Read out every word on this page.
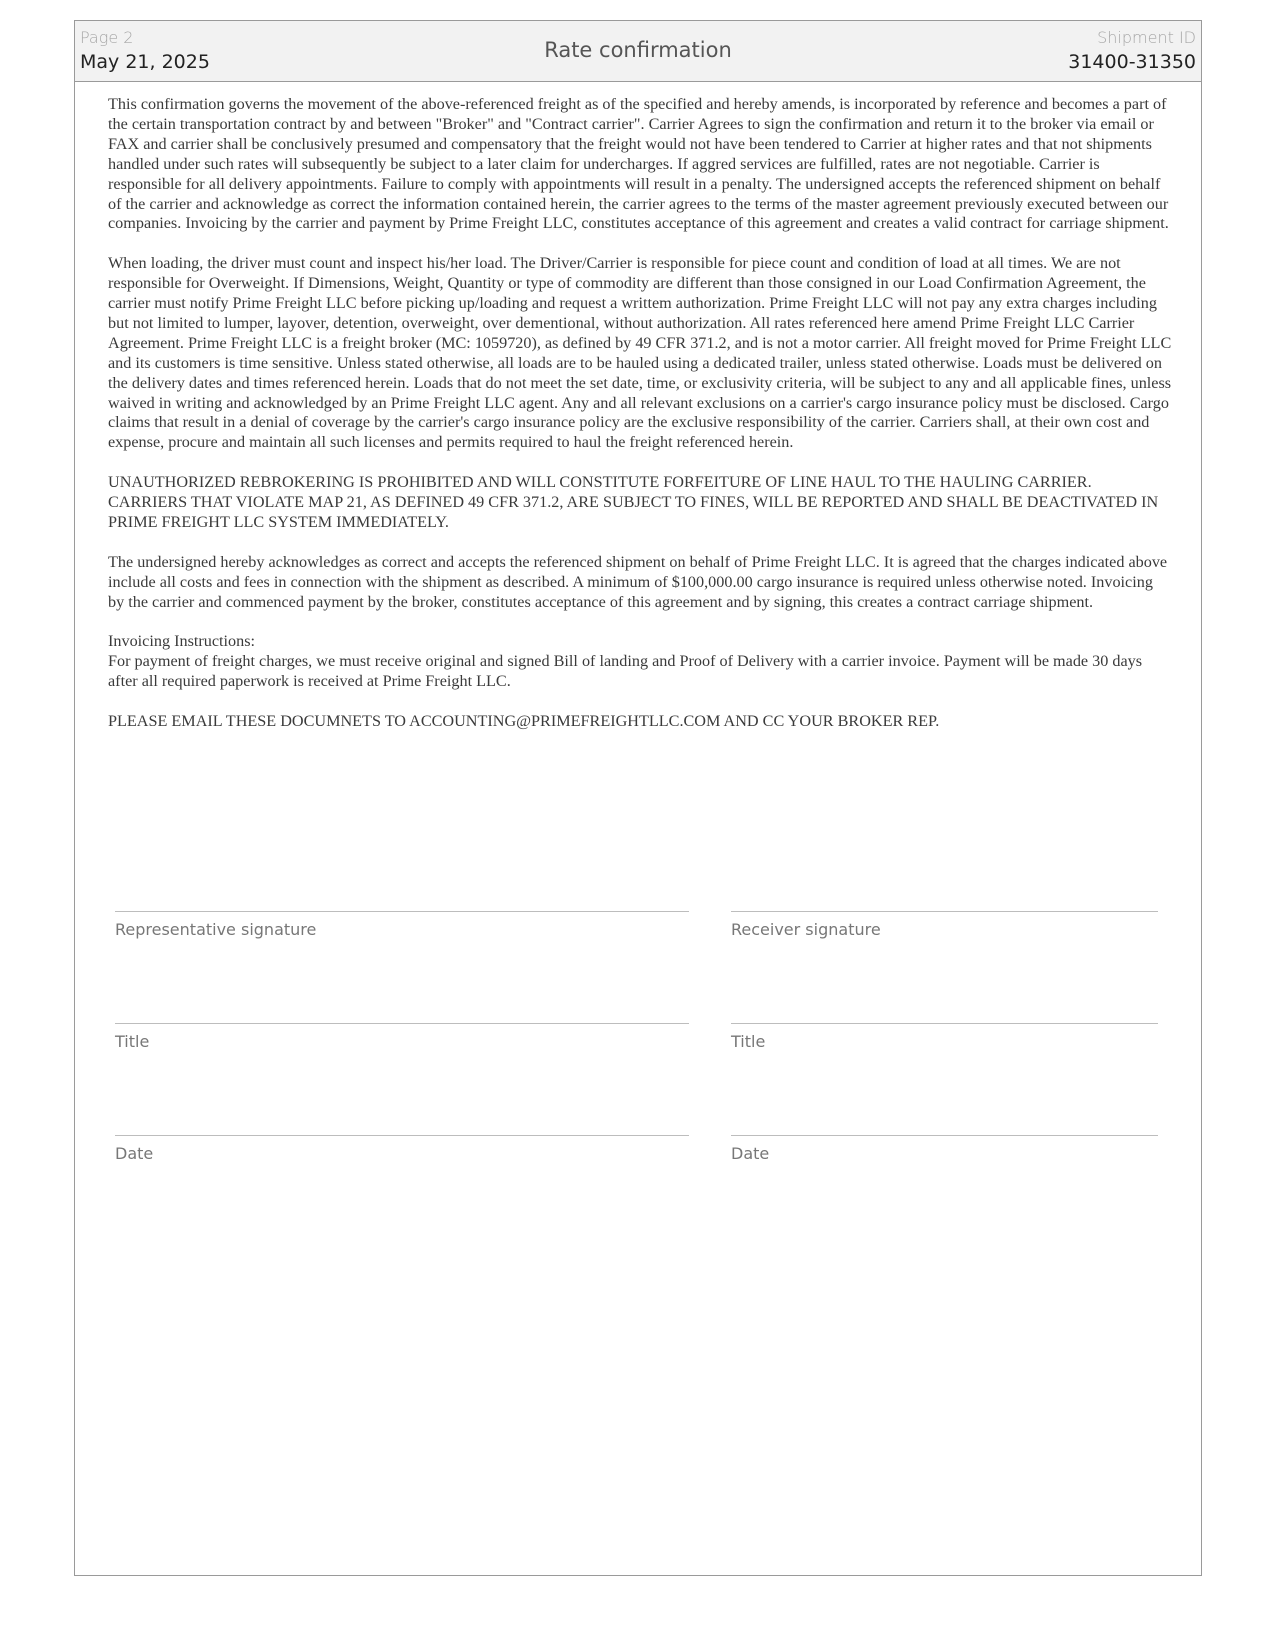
Page 2
May 21, 2025	Rate confirmation
Shipment ID
31400-31350

This confirmation governs the movement of the above-referenced freight as of the specified and hereby amends, is incorporated by reference and becomes a part of the certain transportation contract by and between "Broker" and "Contract carrier". Carrier Agrees to sign the confirmation and return it to the broker via email or FAX and carrier shall be conclusively presumed and compensatory that the freight would not have been tendered to Carrier at higher rates and that not shipments handled under such rates will subsequently be subject to a later claim for undercharges. If aggred services are fulfilled, rates are not negotiable. Carrier is responsible for all delivery appointments. Failure to comply with appointments will result in a penalty. The undersigned accepts the referenced shipment on behalf of the carrier and acknowledge as correct the information contained herein, the carrier agrees to the terms of the master agreement previously executed between our companies. Invoicing by the carrier and payment by Prime Freight LLC, constitutes acceptance of this agreement and creates a valid contract for carriage shipment.

When loading, the driver must count and inspect his/her load. The Driver/Carrier is responsible for piece count and condition of load at all times. We are not responsible for Overweight. If Dimensions, Weight, Quantity or type of commodity are different than those consigned in our Load Confirmation Agreement, the carrier must notify Prime Freight LLC before picking up/loading and request a writtem authorization. Prime Freight LLC will not pay any extra charges including but not limited to lumper, layover, detention, overweight, over dementional, without authorization. All rates referenced here amend Prime Freight LLC Carrier Agreement. Prime Freight LLC is a freight broker (MC: 1059720), as defined by 49 CFR 371.2, and is not a motor carrier. All freight moved for Prime Freight LLC and its customers is time sensitive. Unless stated otherwise, all loads are to be hauled using a dedicated trailer, unless stated otherwise. Loads must be delivered on the delivery dates and times referenced herein. Loads that do not meet the set date, time, or exclusivity criteria, will be subject to any and all applicable fines, unless waived in writing and acknowledged by an Prime Freight LLC agent. Any and all relevant exclusions on a carrier's cargo insurance policy must be disclosed. Cargo claims that result in a denial of coverage by the carrier's cargo insurance policy are the exclusive responsibility of the carrier. Carriers shall, at their own cost and expense, procure and maintain all such licenses and permits required to haul the freight referenced herein.

UNAUTHORIZED REBROKERING IS PROHIBITED AND WILL CONSTITUTE FORFEITURE OF LINE HAUL TO THE HAULING CARRIER. CARRIERS THAT VIOLATE MAP 21, AS DEFINED 49 CFR 371.2, ARE SUBJECT TO FINES, WILL BE REPORTED AND SHALL BE DEACTIVATED IN PRIME FREIGHT LLC SYSTEM IMMEDIATELY.

The undersigned hereby acknowledges as correct and accepts the referenced shipment on behalf of Prime Freight LLC. It is agreed that the charges indicated above include all costs and fees in connection with the shipment as described. A minimum of $100,000.00 cargo insurance is required unless otherwise noted. Invoicing by the carrier and commenced payment by the broker, constitutes acceptance of this agreement and by signing, this creates a contract carriage shipment.

Invoicing Instructions:

For payment of freight charges, we must receive original and signed Bill of landing and Proof of Delivery with a carrier invoice. Payment will be made 30 days after all required paperwork is received at Prime Freight LLC.

PLEASE EMAIL THESE DOCUMNETS TO ACCOUNTING@PRIMEFREIGHTLLC.COM AND CC YOUR BROKER REP.

Representative signature
Title
Date
Receiver signature
Title
Date
